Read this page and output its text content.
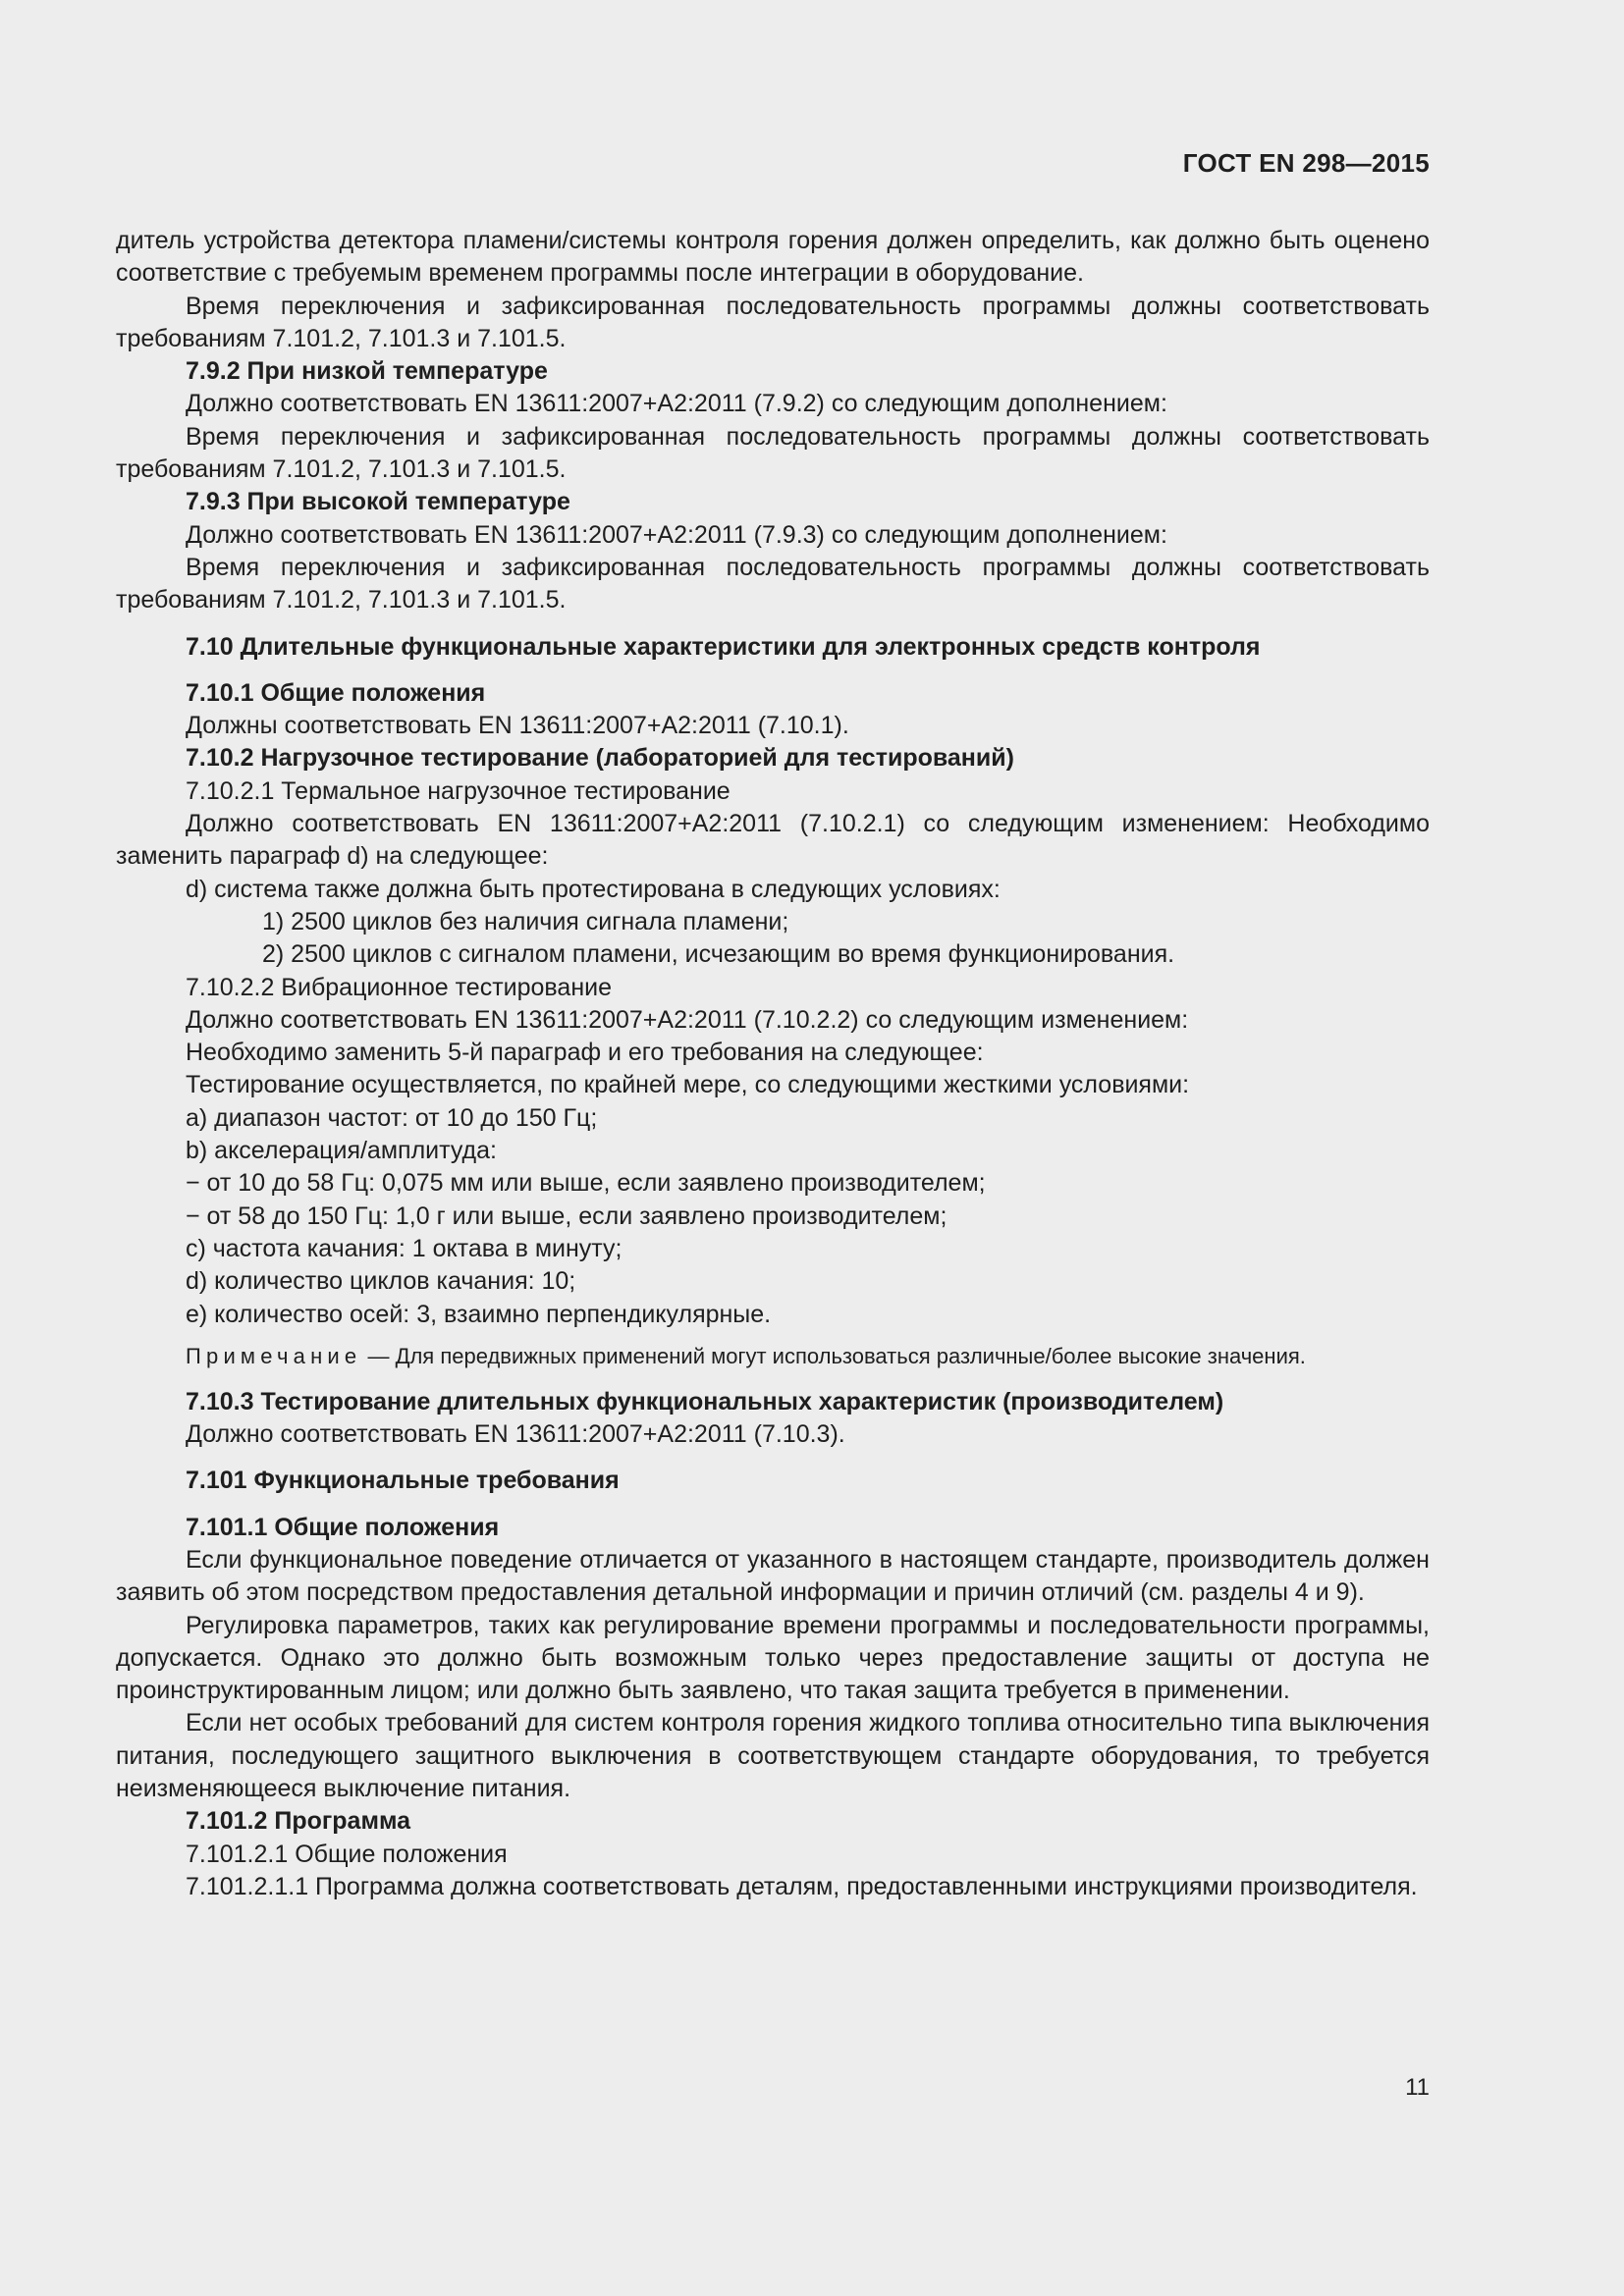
ГОСТ EN 298—2015

дитель устройства детектора пламени/системы контроля горения должен определить, как должно быть оценено соответствие с требуемым временем программы после интеграции в оборудование.

Время переключения и зафиксированная последовательность программы должны соответствовать требованиям 7.101.2, 7.101.3 и 7.101.5.

7.9.2 При низкой температуре

Должно соответствовать EN 13611:2007+A2:2011 (7.9.2) со следующим дополнением:

Время переключения и зафиксированная последовательность программы должны соответствовать требованиям 7.101.2, 7.101.3 и 7.101.5.

7.9.3 При высокой температуре

Должно соответствовать EN 13611:2007+A2:2011 (7.9.3) со следующим дополнением:

Время переключения и зафиксированная последовательность программы должны соответствовать требованиям 7.101.2, 7.101.3 и 7.101.5.

7.10 Длительные функциональные характеристики для электронных средств контроля

7.10.1 Общие положения

Должны соответствовать EN 13611:2007+A2:2011 (7.10.1).

7.10.2 Нагрузочное тестирование (лабораторией для тестирований)

7.10.2.1 Термальное нагрузочное тестирование

Должно соответствовать EN 13611:2007+A2:2011 (7.10.2.1) со следующим изменением: Необходимо заменить параграф d) на следующее:

d) система также должна быть протестирована в следующих условиях:

1) 2500 циклов без наличия сигнала пламени;

2) 2500 циклов с сигналом пламени, исчезающим во время функционирования.

7.10.2.2 Вибрационное тестирование

Должно соответствовать EN 13611:2007+A2:2011 (7.10.2.2) со следующим изменением:

Необходимо заменить 5-й параграф и его требования на следующее:

Тестирование осуществляется, по крайней мере, со следующими жесткими условиями:

a) диапазон частот: от 10 до 150 Гц;

b) акселерация/амплитуда:

− от 10 до 58 Гц: 0,075 мм или выше, если заявлено производителем;

− от 58 до 150 Гц: 1,0 г или выше, если заявлено производителем;

c) частота качания: 1 октава в минуту;

d) количество циклов качания: 10;

e) количество осей: 3, взаимно перпендикулярные.

Примечание — Для передвижных применений могут использоваться различные/более высокие значения.

7.10.3 Тестирование длительных функциональных характеристик (производителем)

Должно соответствовать EN 13611:2007+A2:2011 (7.10.3).

7.101 Функциональные требования

7.101.1 Общие положения

Если функциональное поведение отличается от указанного в настоящем стандарте, производитель должен заявить об этом посредством предоставления детальной информации и причин отличий (см. разделы 4 и 9).

Регулировка параметров, таких как регулирование времени программы и последовательности программы, допускается. Однако это должно быть возможным только через предоставление защиты от доступа не проинструктированным лицом; или должно быть заявлено, что такая защита требуется в применении.

Если нет особых требований для систем контроля горения жидкого топлива относительно типа выключения питания, последующего защитного выключения в соответствующем стандарте оборудования, то требуется неизменяющееся выключение питания.

7.101.2 Программа

7.101.2.1 Общие положения

7.101.2.1.1 Программа должна соответствовать деталям, предоставленными инструкциями производителя.

11
